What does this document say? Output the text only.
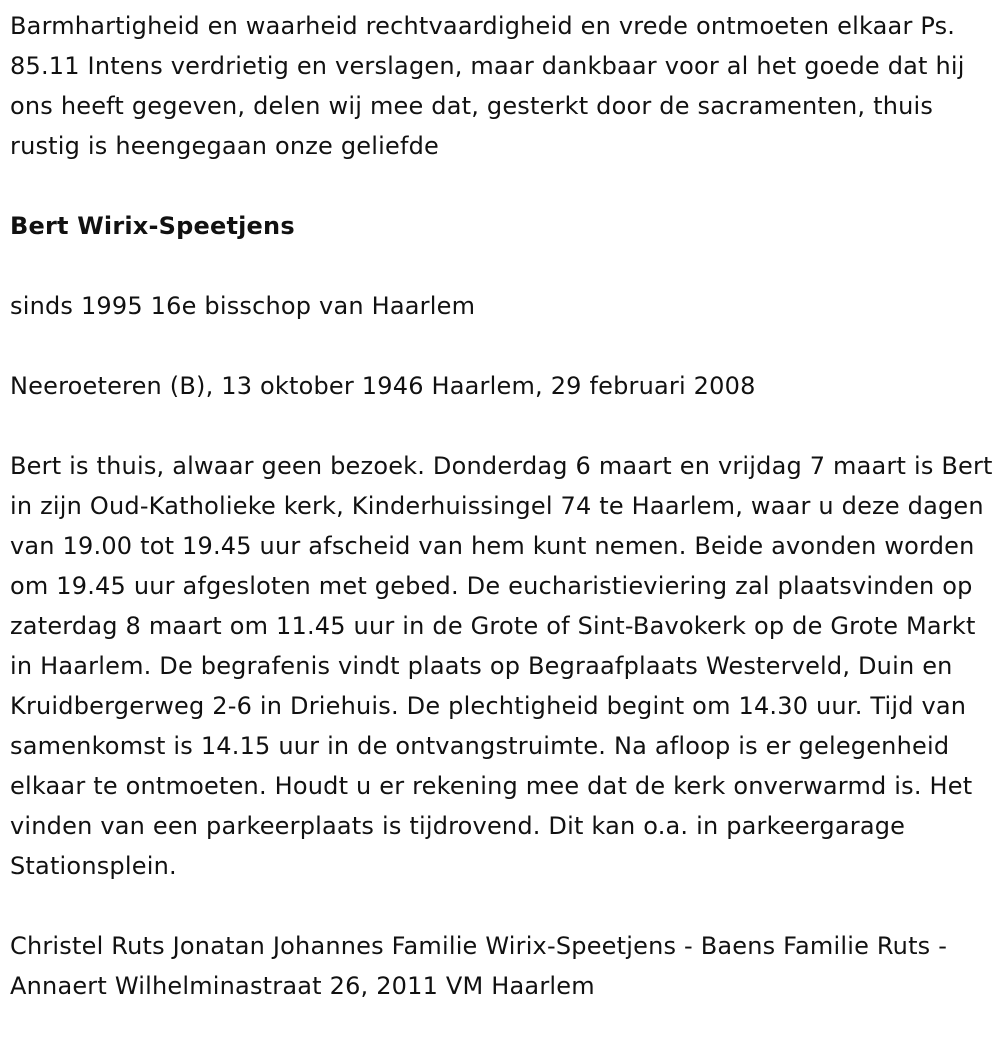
Barmhartigheid en waarheid rechtvaardigheid en vrede ontmoeten elkaar Ps. 85.11 Intens verdrietig en verslagen, maar dankbaar voor al het goede dat hij ons heeft gegeven, delen wij mee dat, gesterkt door de sacramenten, thuis rustig is heengegaan onze geliefde

Bert Wirix-Speetjens

sinds 1995 16e bisschop van Haarlem

Neeroeteren (B), 13 oktober 1946 Haarlem, 29 februari 2008

Bert is thuis, alwaar geen bezoek. Donderdag 6 maart en vrijdag 7 maart is Bert in zijn Oud-Katholieke kerk, Kinderhuissingel 74 te Haarlem, waar u deze dagen van 19.00 tot 19.45 uur afscheid van hem kunt nemen. Beide avonden worden om 19.45 uur afgesloten met gebed. De eucharistieviering zal plaatsvinden op zaterdag 8 maart om 11.45 uur in de Grote of Sint-Bavokerk op de Grote Markt in Haarlem. De begrafenis vindt plaats op Begraafplaats Westerveld, Duin en Kruidbergerweg 2-6 in Driehuis. De plechtigheid begint om 14.30 uur. Tijd van samenkomst is 14.15 uur in de ontvangstruimte. Na afloop is er gelegenheid elkaar te ontmoeten. Houdt u er rekening mee dat de kerk onverwarmd is. Het vinden van een parkeerplaats is tijdrovend. Dit kan o.a. in parkeergarage Stationsplein.

Christel Ruts Jonatan Johannes Familie Wirix-Speetjens - Baens Familie Ruts - Annaert Wilhelminastraat 26, 2011 VM Haarlem
